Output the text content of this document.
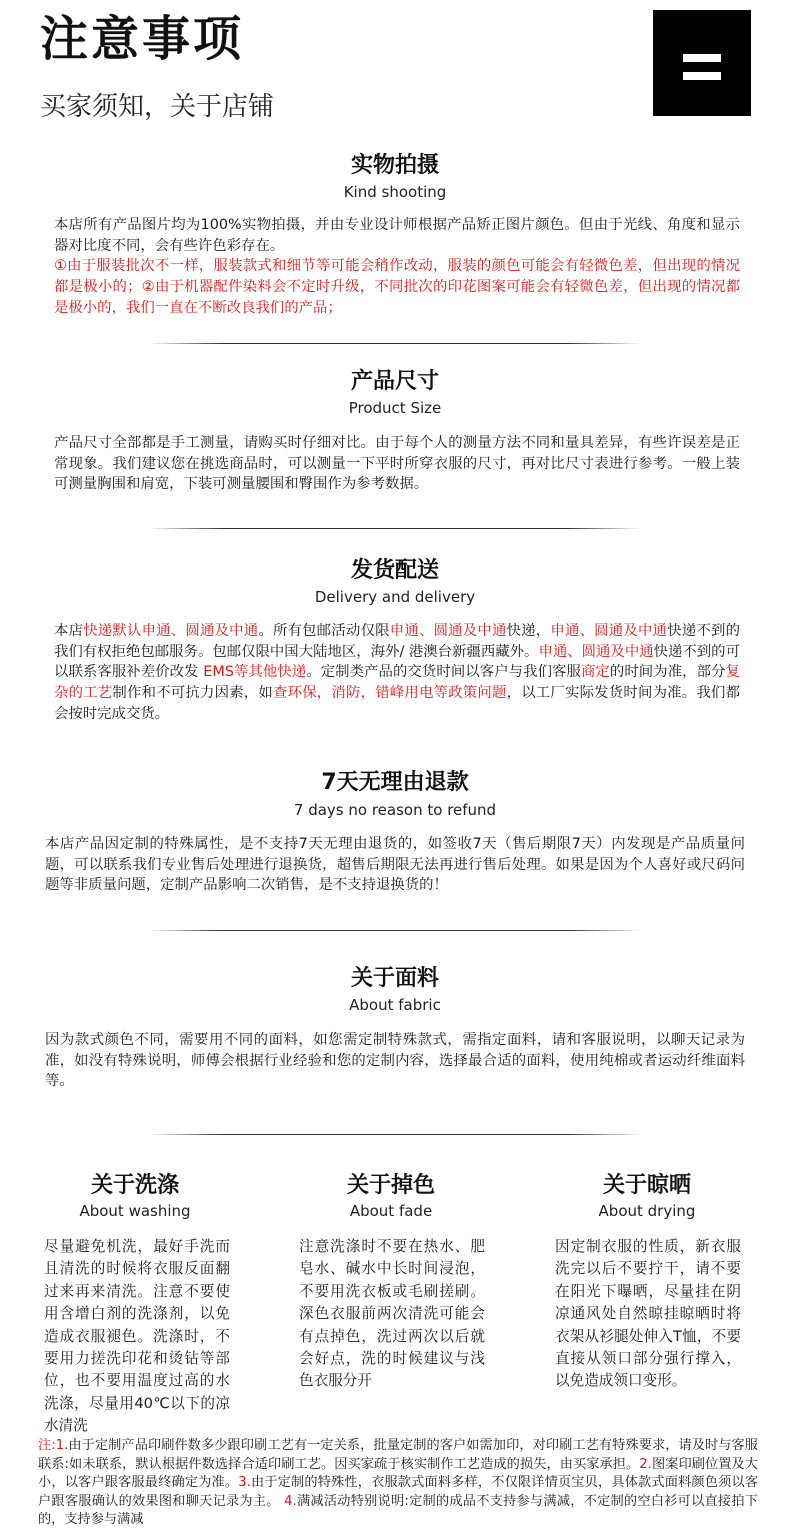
注意事项
买家须知，关于店铺
实物拍摄
Kind shooting
本店所有产品图片均为100%实物拍摄，并由专业设计师根据产品矫正图片颜色。但由于光线、角度和显示器对比度不同，会有些许色彩存在。
①由于服装批次不一样，服装款式和细节等可能会稍作改动，服装的颜色可能会有轻微色差，但出现的情况都是极小的；②由于机器配件染料会不定时升级，不同批次的印花图案可能会有轻微色差，但出现的情况都是极小的，我们一直在不断改良我们的产品；
产品尺寸
Product Size
产品尺寸全部都是手工测量，请购买时仔细对比。由于每个人的测量方法不同和量具差异，有些许误差是正常现象。我们建议您在挑选商品时，可以测量一下平时所穿衣服的尺寸，再对比尺寸表进行参考。一般上装可测量胸围和肩宽，下装可测量腰围和臀围作为参考数据。
发货配送
Delivery and delivery
本店快递默认申通、圆通及中通。所有包邮活动仅限申通、圆通及中通快递，申通、圆通及中通快递不到的我们有权拒绝包邮服务。包邮仅限中国大陆地区，海外/ 港澳台新疆西藏外。申通、圆通及中通快递不到的可以联系客服补差价改发 EMS等其他快递。定制类产品的交货时间以客户与我们客服商定的时间为准，部分复杂的工艺制作和不可抗力因素，如查环保，消防，错峰用电等政策问题，以工厂实际发货时间为准。我们都会按时完成交货。
7天无理由退款
7 days no reason to refund
本店产品因定制的特殊属性，是不支持7天无理由退货的，如签收7天（售后期限7天）内发现是产品质量问题，可以联系我们专业售后处理进行退换货，超售后期限无法再进行售后处理。如果是因为个人喜好或尺码问题等非质量问题，定制产品影响二次销售，是不支持退换货的！
关于面料
About fabric
因为款式颜色不同，需要用不同的面料，如您需定制特殊款式，需指定面料，请和客服说明，以聊天记录为准，如没有特殊说明，师傅会根据行业经验和您的定制内容，选择最合适的面料，使用纯棉或者运动纤维面料等。
关于洗涤
About washing
尽量避免机洗，最好手洗而且清洗的时候将衣服反面翻过来再来清洗。注意不要使用含增白剂的洗涤剂，以免造成衣服褪色。洗涤时，不要用力搓洗印花和烫钻等部位，也不要用温度过高的水洗涤，尽量用40℃以下的凉水清洗
关于掉色
About fade
注意洗涤时不要在热水、肥皂水、碱水中长时间浸泡，不要用洗衣板或毛刷搓刷。深色衣服前两次清洗可能会有点掉色，洗过两次以后就会好点，洗的时候建议与浅色衣服分开
关于晾晒
About drying
因定制衣服的性质，新衣服洗完以后不要拧干，请不要在阳光下曝晒，尽量挂在阴凉通风处自然晾挂晾晒时将衣架从衫腿处伸入T恤，不要直接从领口部分强行撑入，以免造成领口变形。
注:1.由于定制产品印刷件数多少跟印刷工艺有一定关系，批量定制的客户如需加印，对印刷工艺有特殊要求，请及时与客服联系:如未联系，默认根据件数选择合适印刷工艺。因买家疏于核实制作工艺造成的损失，由买家承担。2.图案印刷位置及大小，以客户跟客服最终确定为准。3.由于定制的特殊性，衣服款式面料多样，不仅限详情页宝贝，具体款式面料颜色须以客户跟客服确认的效果图和聊天记录为主。 4.满减活动特别说明:定制的成品不支持参与满减，不定制的空白衫可以直接拍下的，支持参与满减
